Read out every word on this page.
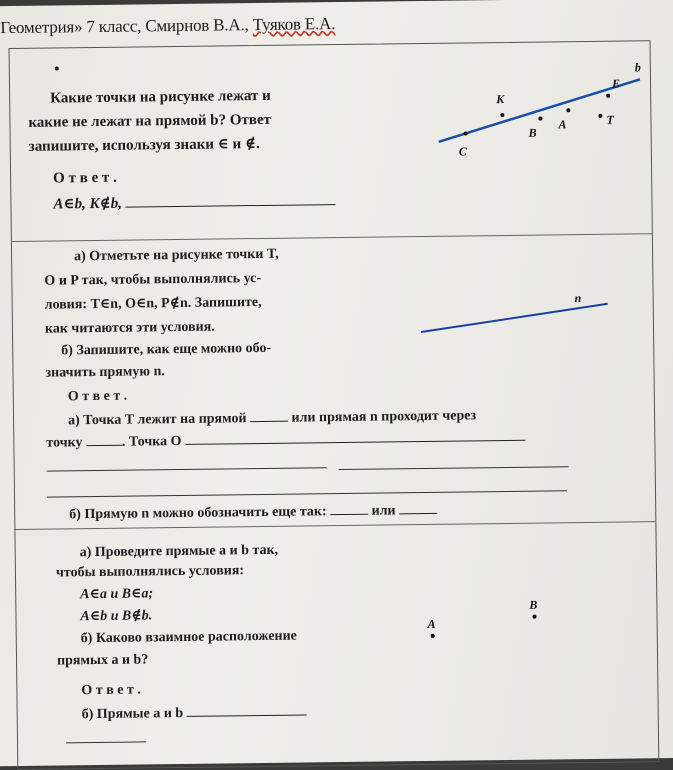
Геометрия» 7 класс, Смирнов В.А., Туяков Е.А.
Какие точки на рисунке лежат и
какие не лежат на прямой b? Ответ
запишите, используя знаки ∈ и ∉.
О т в е т .
A∈b, K∉b,
b
K
E
B
A	T
C
а) Отметьте на рисунке точки T,
O и P так, чтобы выполнялись ус-
ловия: T∈n, O∈n, P∉n. Запишите,
как читаются эти условия.
б) Запишите, как еще можно обо-
значить прямую n.
О т в е т .
n
а) Точка T лежит на прямой	или прямая n проходит через
точку	. Точка O
б) Прямую n можно обозначить еще так:	или
а) Проведите прямые a и b так,
чтобы выполнялись условия:
A∈a и B∈a;
A∈b и B∉b.
б) Каково взаимное расположение
прямых a и b?
О т в е т .
б) Прямые a и b
A
B
